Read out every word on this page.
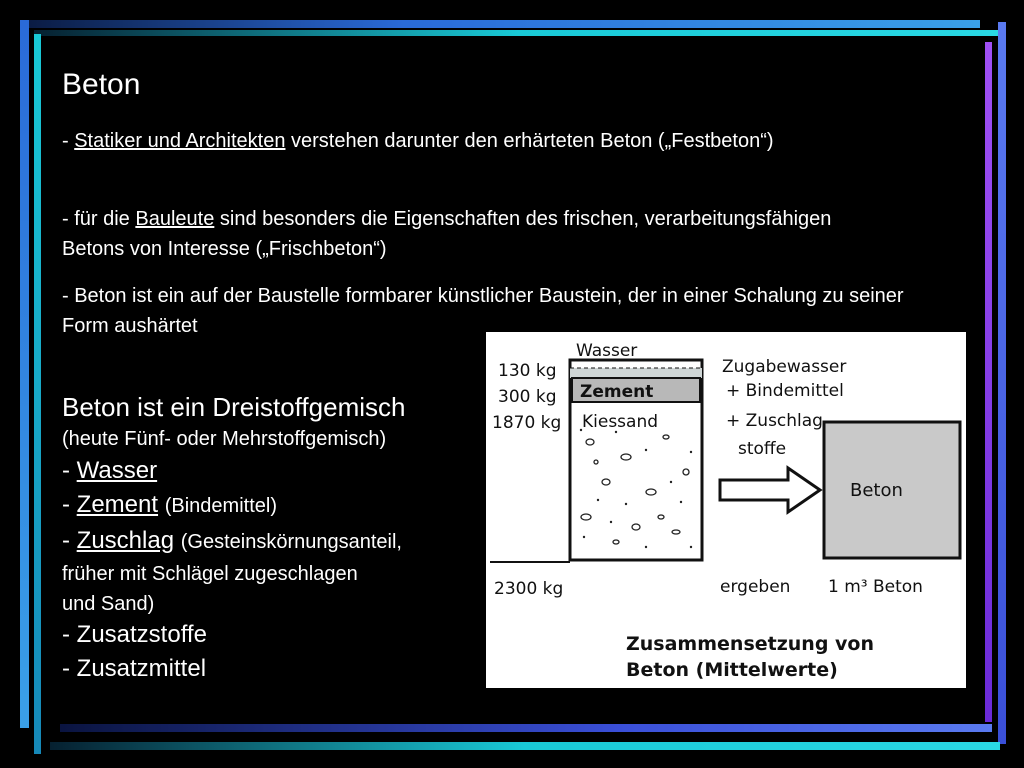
Beton
- Statiker und Architekten verstehen darunter den erhärteten Beton („Festbeton“)
- für die Bauleute sind besonders die Eigenschaften des frischen, verarbeitungsfähigen Betons von Interesse („Frischbeton“)
- Beton ist ein auf der Baustelle formbarer künstlicher Baustein, der in einer Schalung zu seiner Form aushärtet
Beton ist ein Dreistoffgemisch
(heute Fünf- oder Mehrstoffgemisch)
- Wasser
- Zement (Bindemittel)
- Zuschlag (Gesteinskörnungsanteil,
früher mit Schlägel zugeschlagen
und Sand)
- Zusatzstoffe
- Zusatzmittel
Wasser
Zement
Kiessand
130 kg
300 kg
1870 kg
2300 kg
Zugabewasser
+ Bindemittel
+ Zuschlag-
stoffe
Beton
ergeben 1 m³ Beton
Zusammensetzung von
Beton (Mittelwerte)
